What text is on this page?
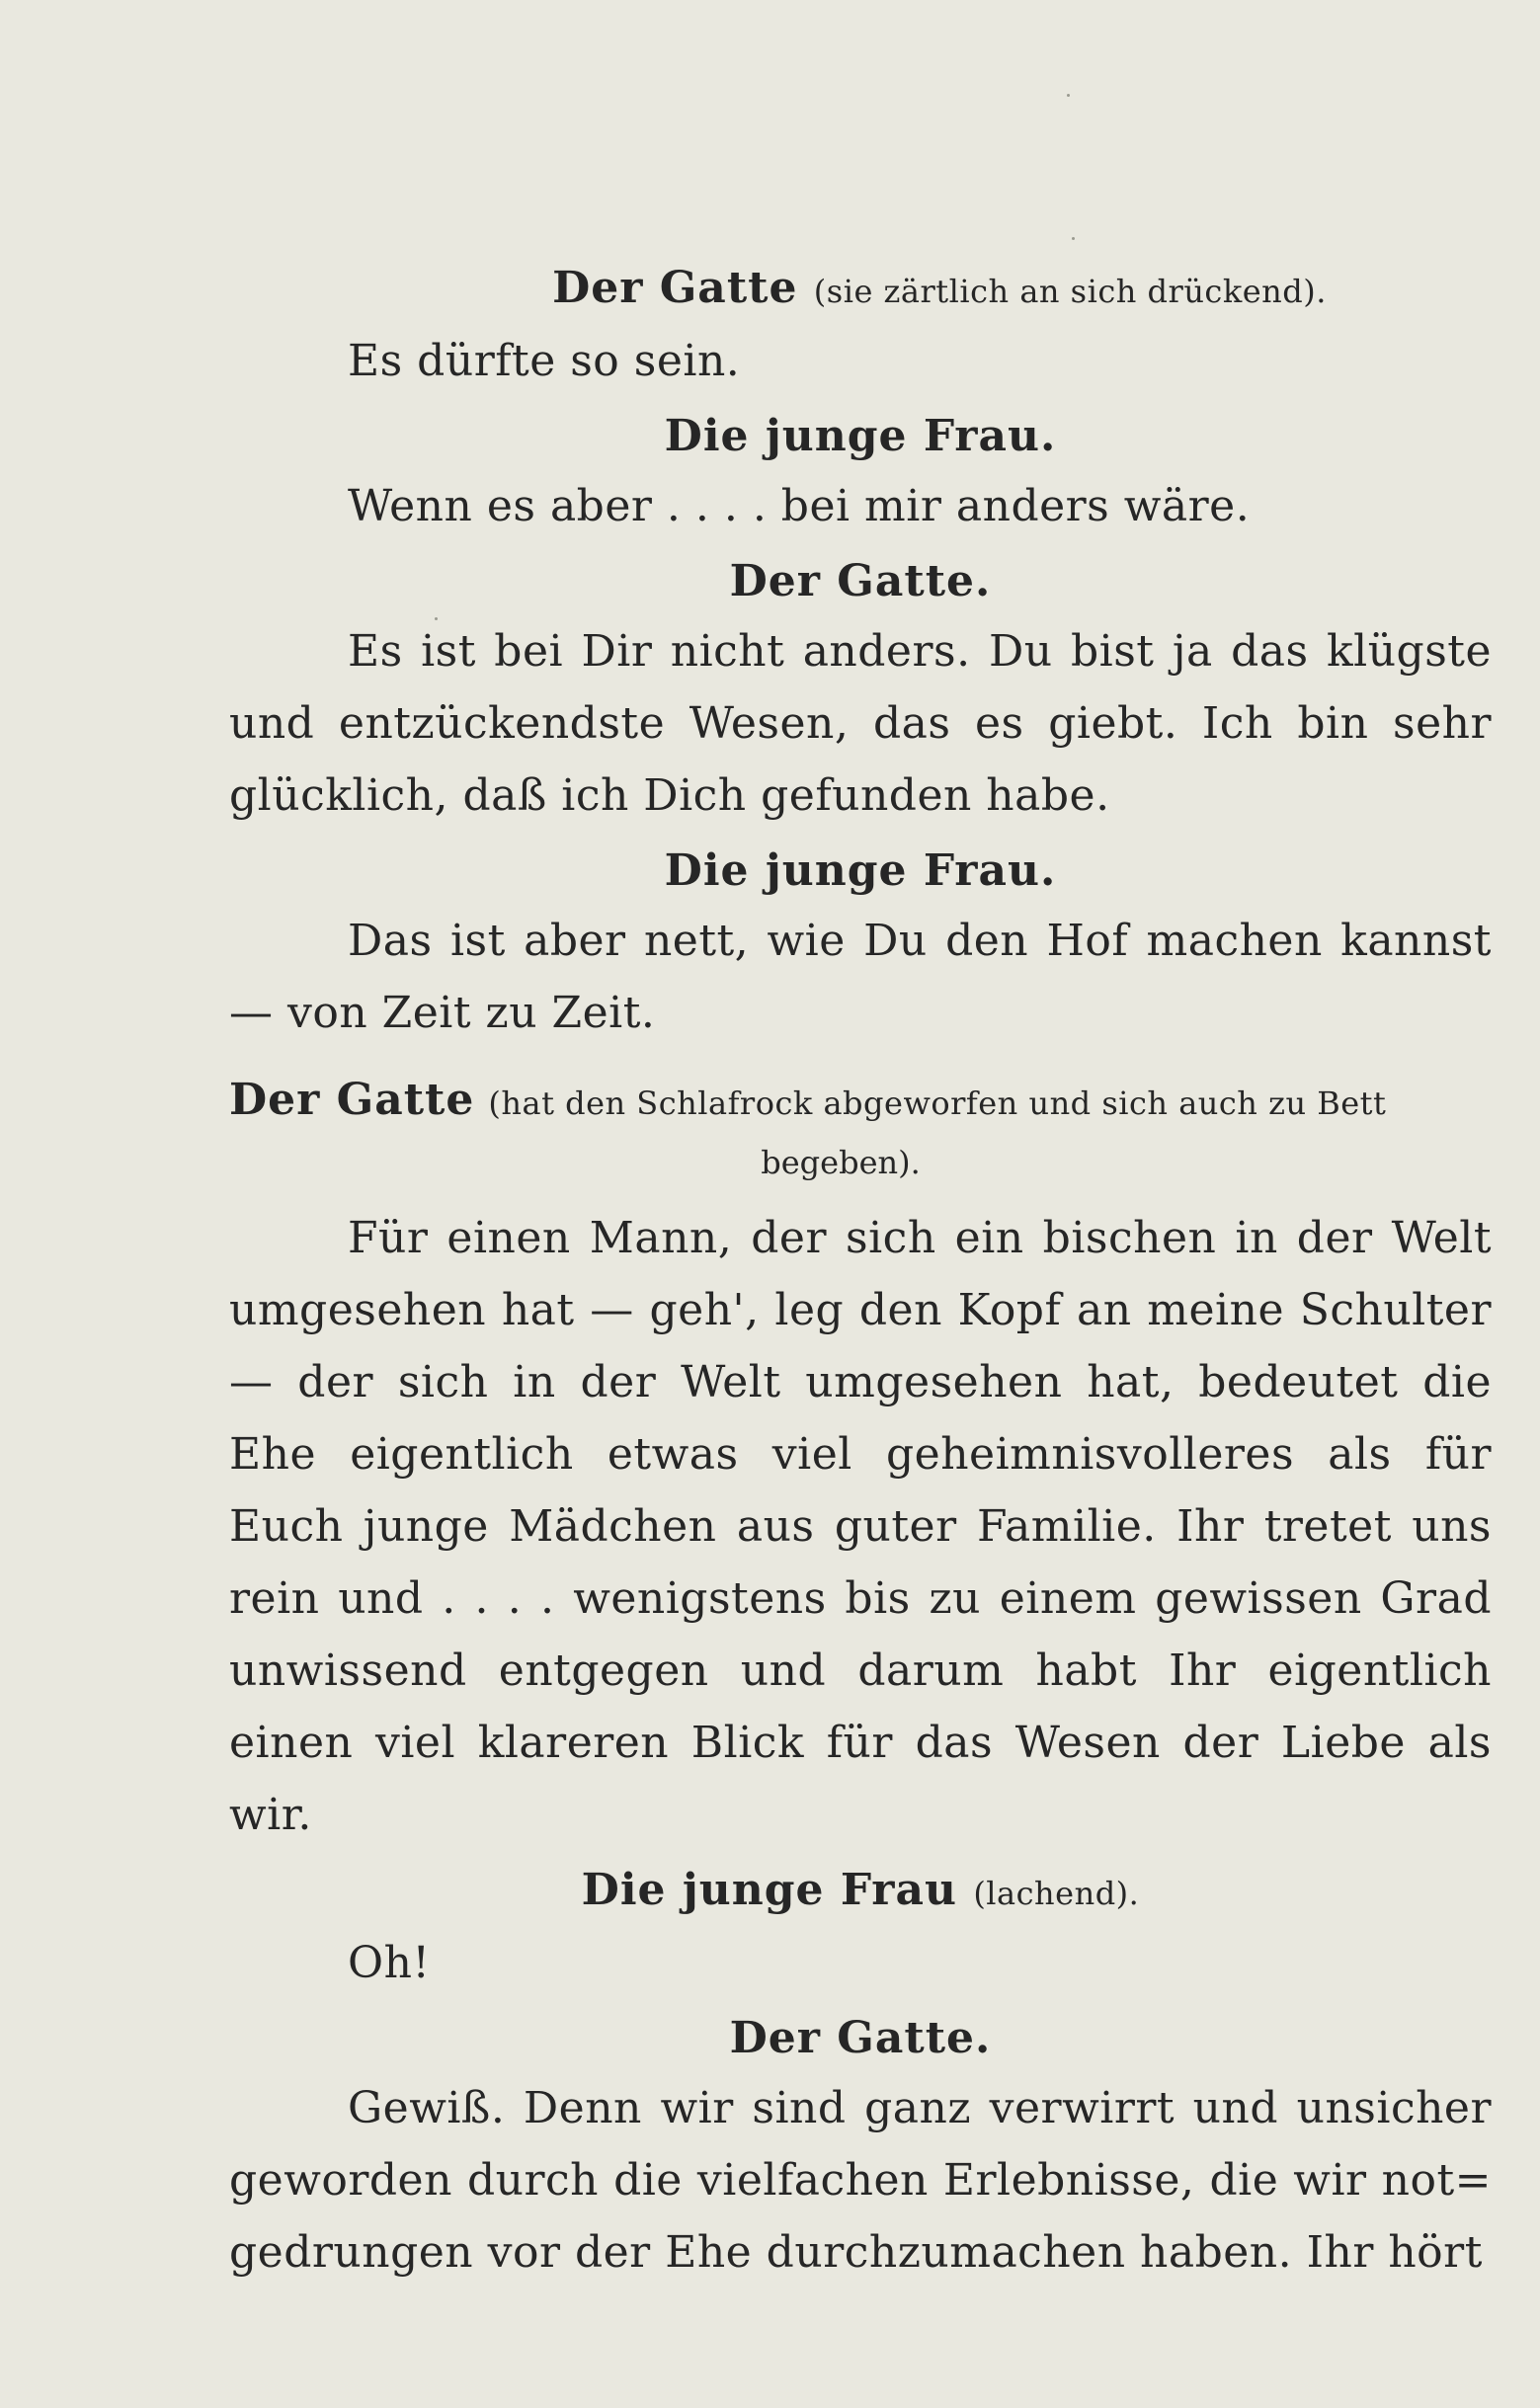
Der Gatte (sie zärtlich an sich drückend).

Es dürfte so sein.

Die junge Frau.

Wenn es aber . . . . bei mir anders wäre.

Der Gatte.

Es ist bei Dir nicht anders. Du bist ja das klügste und entzückendste Wesen, das es giebt. Ich bin sehr glücklich, daß ich Dich gefunden habe.

Die junge Frau.

Das ist aber nett, wie Du den Hof machen kannst — von Zeit zu Zeit.

Der Gatte (hat den Schlafrock abgeworfen und sich auch zu Bett
begeben).

Für einen Mann, der sich ein bischen in der Welt umgesehen hat — geh', leg den Kopf an meine Schulter — der sich in der Welt umgesehen hat, bedeutet die Ehe eigentlich etwas viel geheimnisvolleres als für Euch junge Mädchen aus guter Familie. Ihr tretet uns rein und . . . . wenigstens bis zu einem gewissen Grad unwissend entgegen und darum habt Ihr eigentlich einen viel klareren Blick für das Wesen der Liebe als wir.

Die junge Frau (lachend).

Oh!

Der Gatte.

Gewiß. Denn wir sind ganz verwirrt und unsicher geworden durch die vielfachen Erlebnisse, die wir not= gedrungen vor der Ehe durchzumachen haben. Ihr hört
